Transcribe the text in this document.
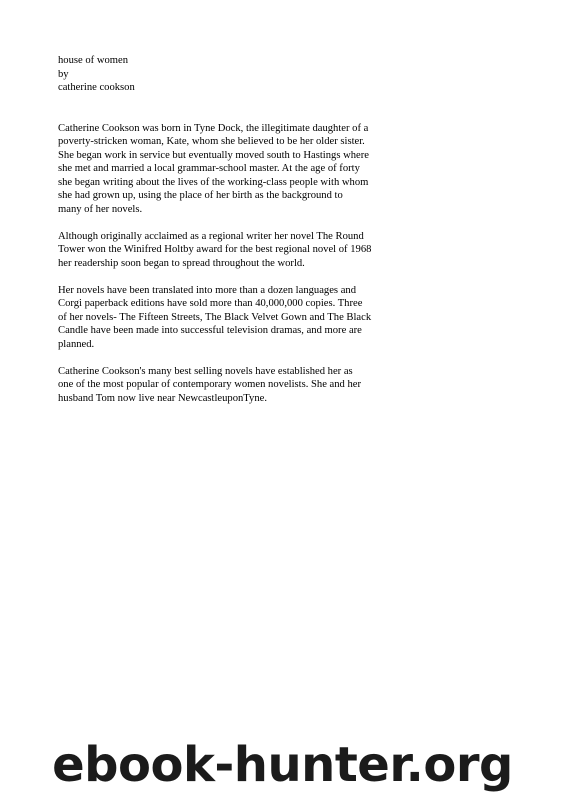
house of women
by
catherine cookson

Catherine Cookson was born in Tyne Dock, the illegitimate daughter of a
poverty-stricken woman, Kate, whom she believed to be her older sister.
She began work in service but eventually moved south to Hastings where
she met and married a local grammar-school master. At the age of forty
she began writing about the lives of the working-class people with whom
she had grown up, using the place of her birth as the background to
many of her novels.

Although originally acclaimed as a regional writer her novel The Round
Tower won the Winifred Holtby award for the best regional novel of 1968
her readership soon began to spread throughout the world.

Her novels have been translated into more than a dozen languages and
Corgi paperback editions have sold more than 40,000,000 copies. Three
of her novels- The Fifteen Streets, The Black Velvet Gown and The Black
Candle have been made into successful television dramas, and more are
planned.

Catherine Cookson's many best selling novels have established her as
one of the most popular of contemporary women novelists. She and her
husband Tom now live near NewcastleuponTyne.

ebook-hunter.org
